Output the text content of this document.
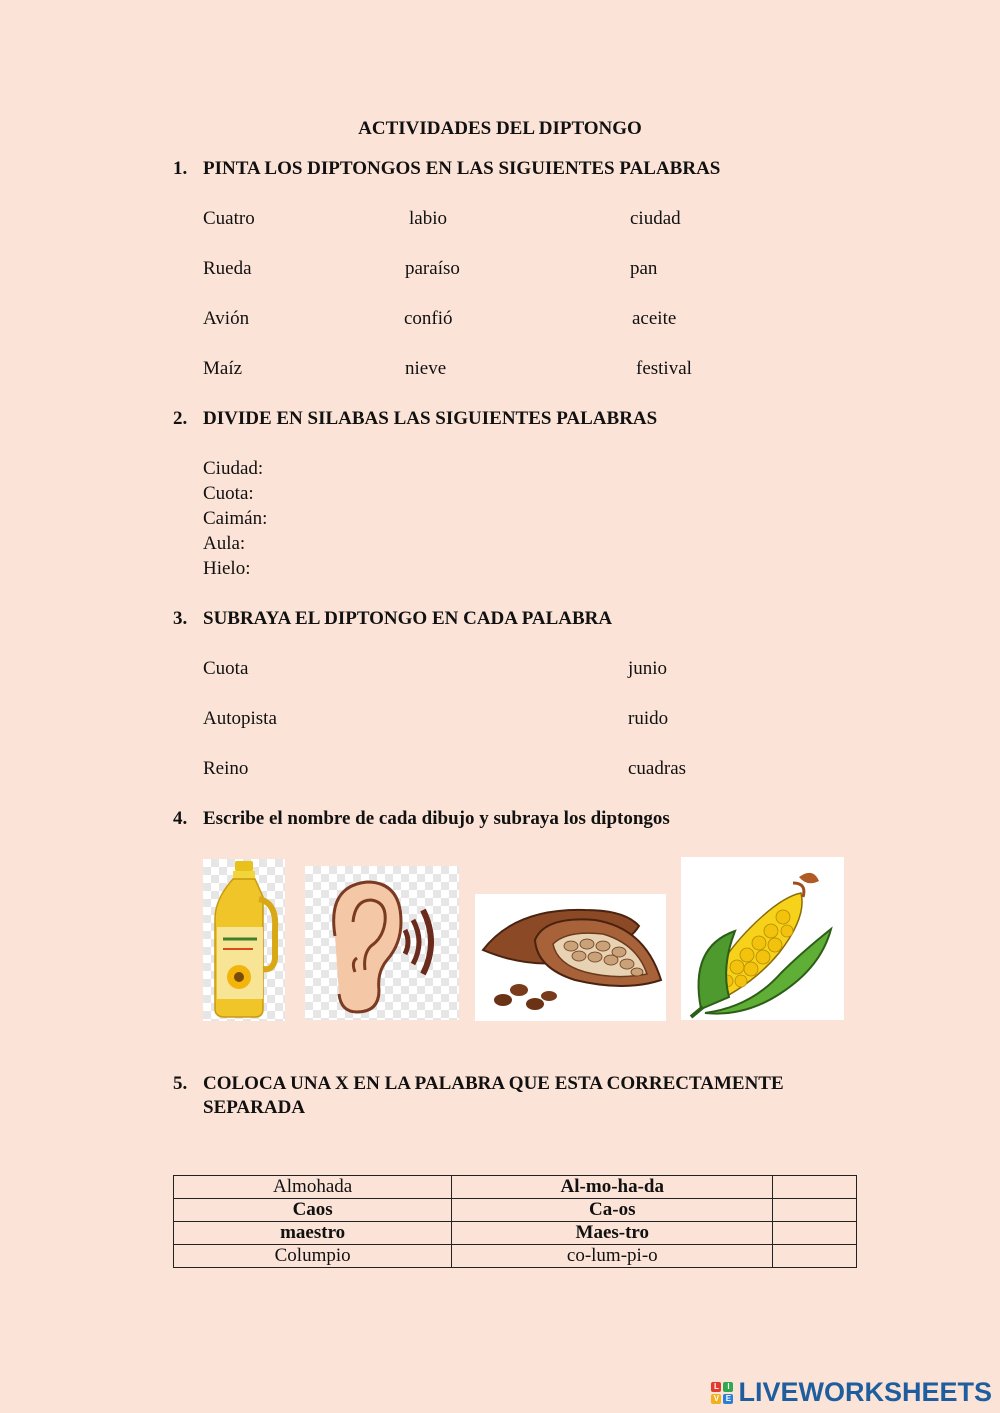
ACTIVIDADES DEL DIPTONGO
1. PINTA LOS DIPTONGOS EN LAS SIGUIENTES PALABRAS
Cuatro	labio	ciudad
Rueda	paraíso	pan
Avión	confió	aceite
Maíz	nieve	festival
2. DIVIDE EN SILABAS LAS SIGUIENTES PALABRAS
Ciudad:
Cuota:
Caimán:
Aula:
Hielo:
3. SUBRAYA EL DIPTONGO EN CADA PALABRA
Cuota	junio
Autopista	ruido
Reino	cuadras
4. Escribe el nombre de cada dibujo y subraya los diptongos
5. COLOCA UNA X EN LA PALABRA QUE ESTA CORRECTAMENTE
SEPARADA
Almohada	Al-mo-ha-da	
Caos	Ca-os	
maestro	Maes-tro	
Columpio	co-lum-pi-o	
L	I
V E LIVEWORKSHEETS
